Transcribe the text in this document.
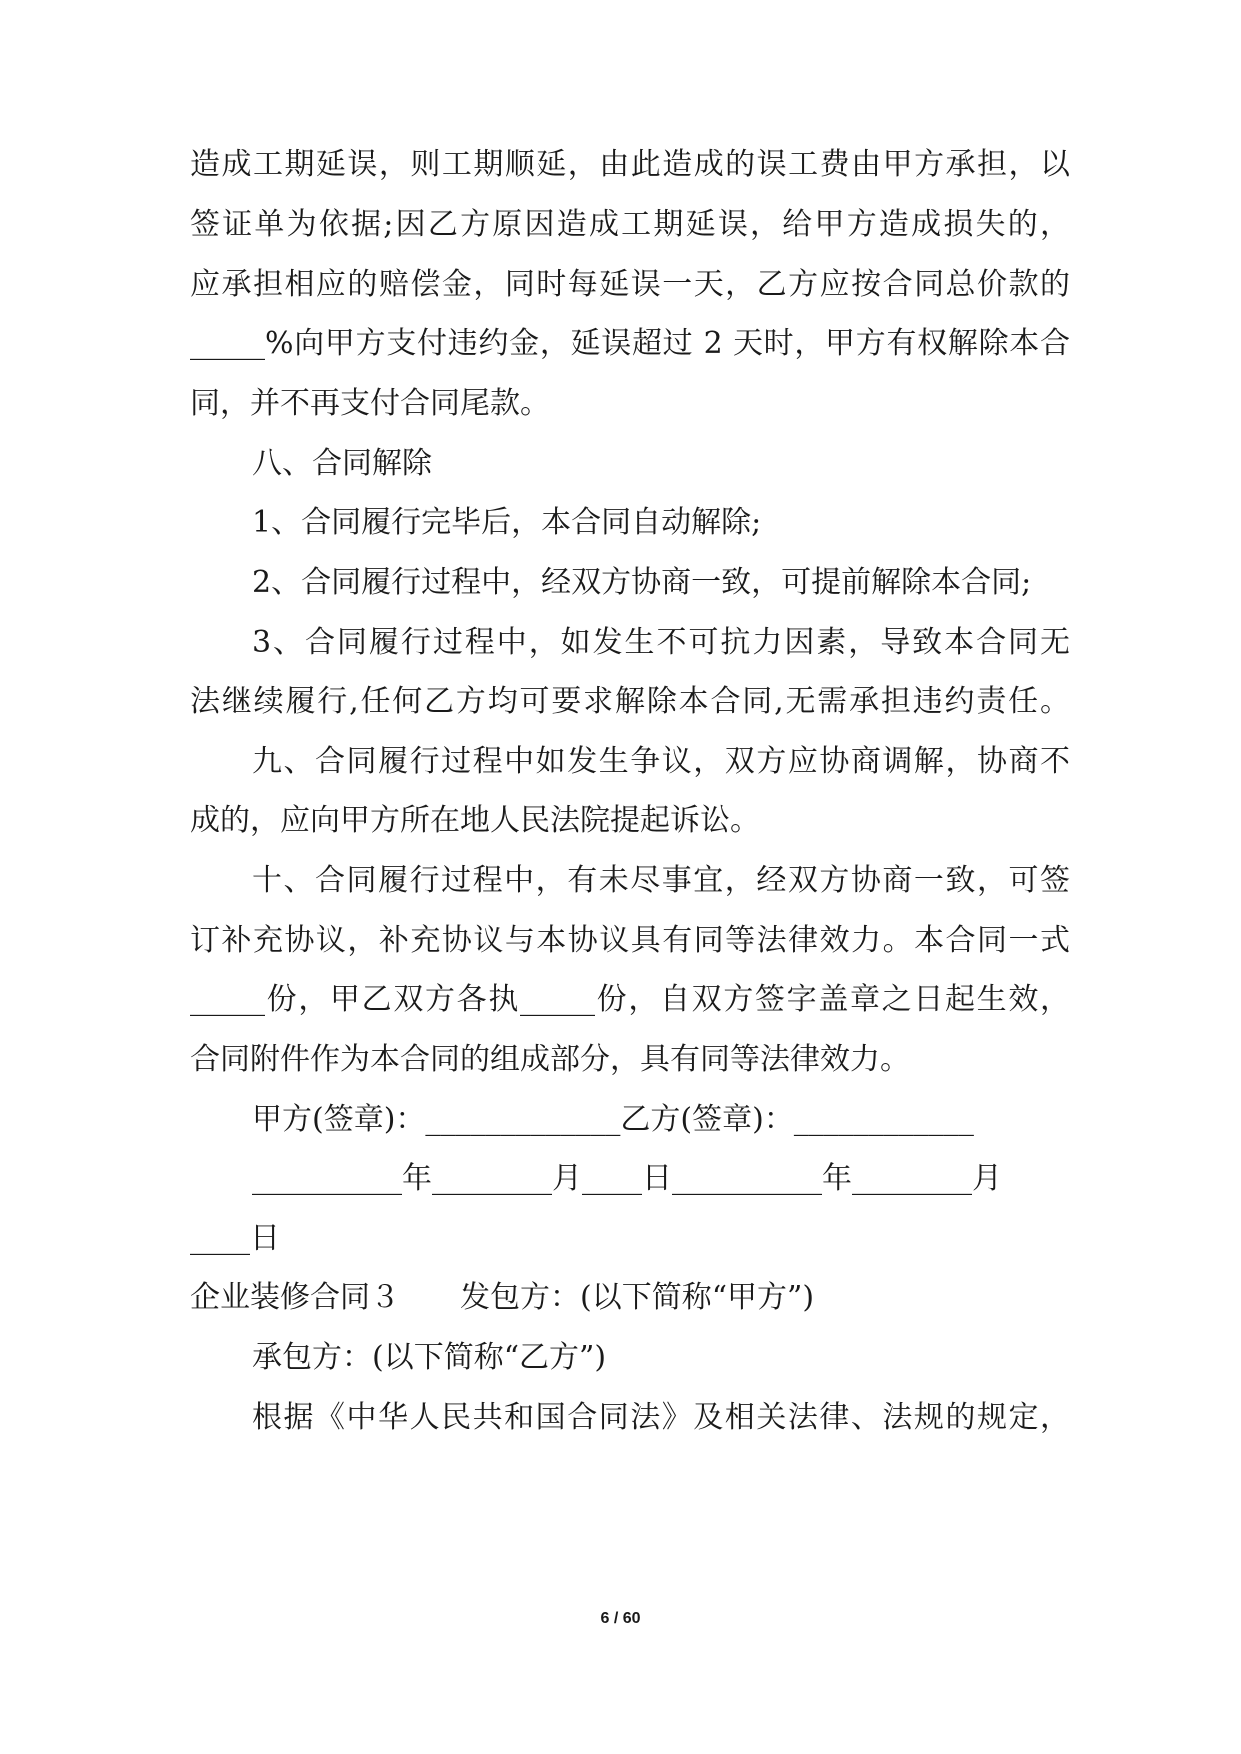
造成工期延误，则工期顺延，由此造成的误工费由甲方承担，以
签证单为依据;因乙方原因造成工期延误，给甲方造成损失的，
应承担相应的赔偿金，同时每延误一天，乙方应按合同总价款的
_____%向甲方支付违约金，延误超过 2 天时，甲方有权解除本合
同，并不再支付合同尾款。
八、合同解除
1、合同履行完毕后，本合同自动解除;
2、合同履行过程中，经双方协商一致，可提前解除本合同;
3、合同履行过程中，如发生不可抗力因素，导致本合同无
法继续履行,任何乙方均可要求解除本合同,无需承担违约责任。
九、合同履行过程中如发生争议，双方应协商调解，协商不
成的，应向甲方所在地人民法院提起诉讼。
十、合同履行过程中，有未尽事宜，经双方协商一致，可签
订补充协议，补充协议与本协议具有同等法律效力。本合同一式
_____份，甲乙双方各执_____份，自双方签字盖章之日起生效，
合同附件作为本合同的组成部分，具有同等法律效力。
甲方(签章)：_____________乙方(签章)：____________
__________年________月____日__________年________月
____日
企业装修合同３　　发包方：(以下简称“甲方”)
承包方：(以下简称“乙方”)
根据《中华人民共和国合同法》及相关法律、法规的规定，
6 / 60
